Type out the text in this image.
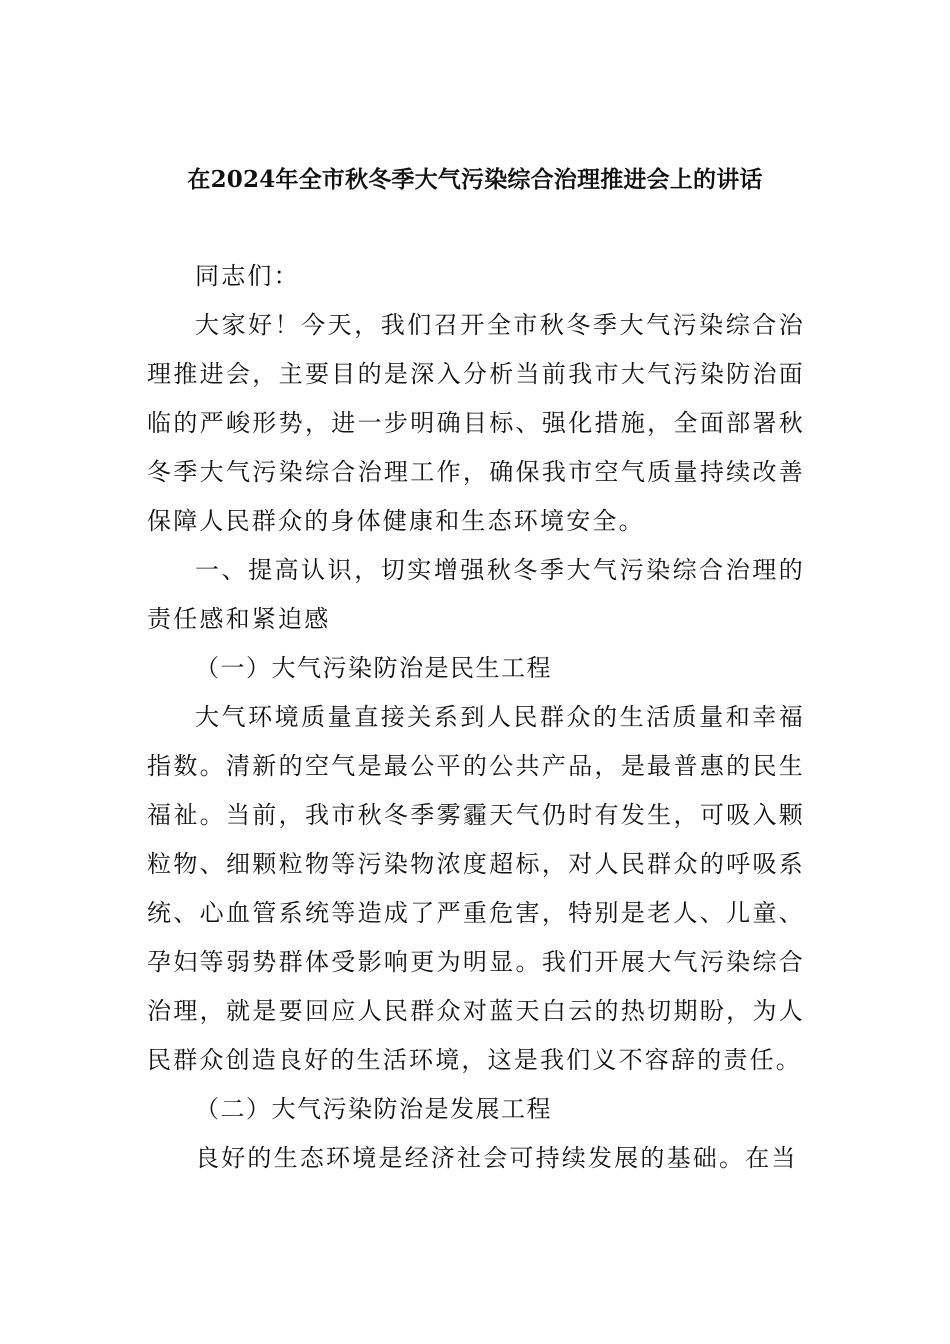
在2024年全市秋冬季大气污染综合治理推进会上的讲话

同志们：

大家好！今天，我们召开全市秋冬季大气污染综合治理推进会，主要目的是深入分析当前我市大气污染防治面临的严峻形势，进一步明确目标、强化措施，全面部署秋冬季大气污染综合治理工作，确保我市空气质量持续改善保障人民群众的身体健康和生态环境安全。

一、提高认识，切实增强秋冬季大气污染综合治理的责任感和紧迫感

（一）大气污染防治是民生工程

大气环境质量直接关系到人民群众的生活质量和幸福指数。清新的空气是最公平的公共产品，是最普惠的民生福祉。当前，我市秋冬季雾霾天气仍时有发生，可吸入颗粒物、细颗粒物等污染物浓度超标，对人民群众的呼吸系统、心血管系统等造成了严重危害，特别是老人、儿童、孕妇等弱势群体受影响更为明显。我们开展大气污染综合治理，就是要回应人民群众对蓝天白云的热切期盼，为人民群众创造良好的生活环境，这是我们义不容辞的责任。

（二）大气污染防治是发展工程

良好的生态环境是经济社会可持续发展的基础。在当
